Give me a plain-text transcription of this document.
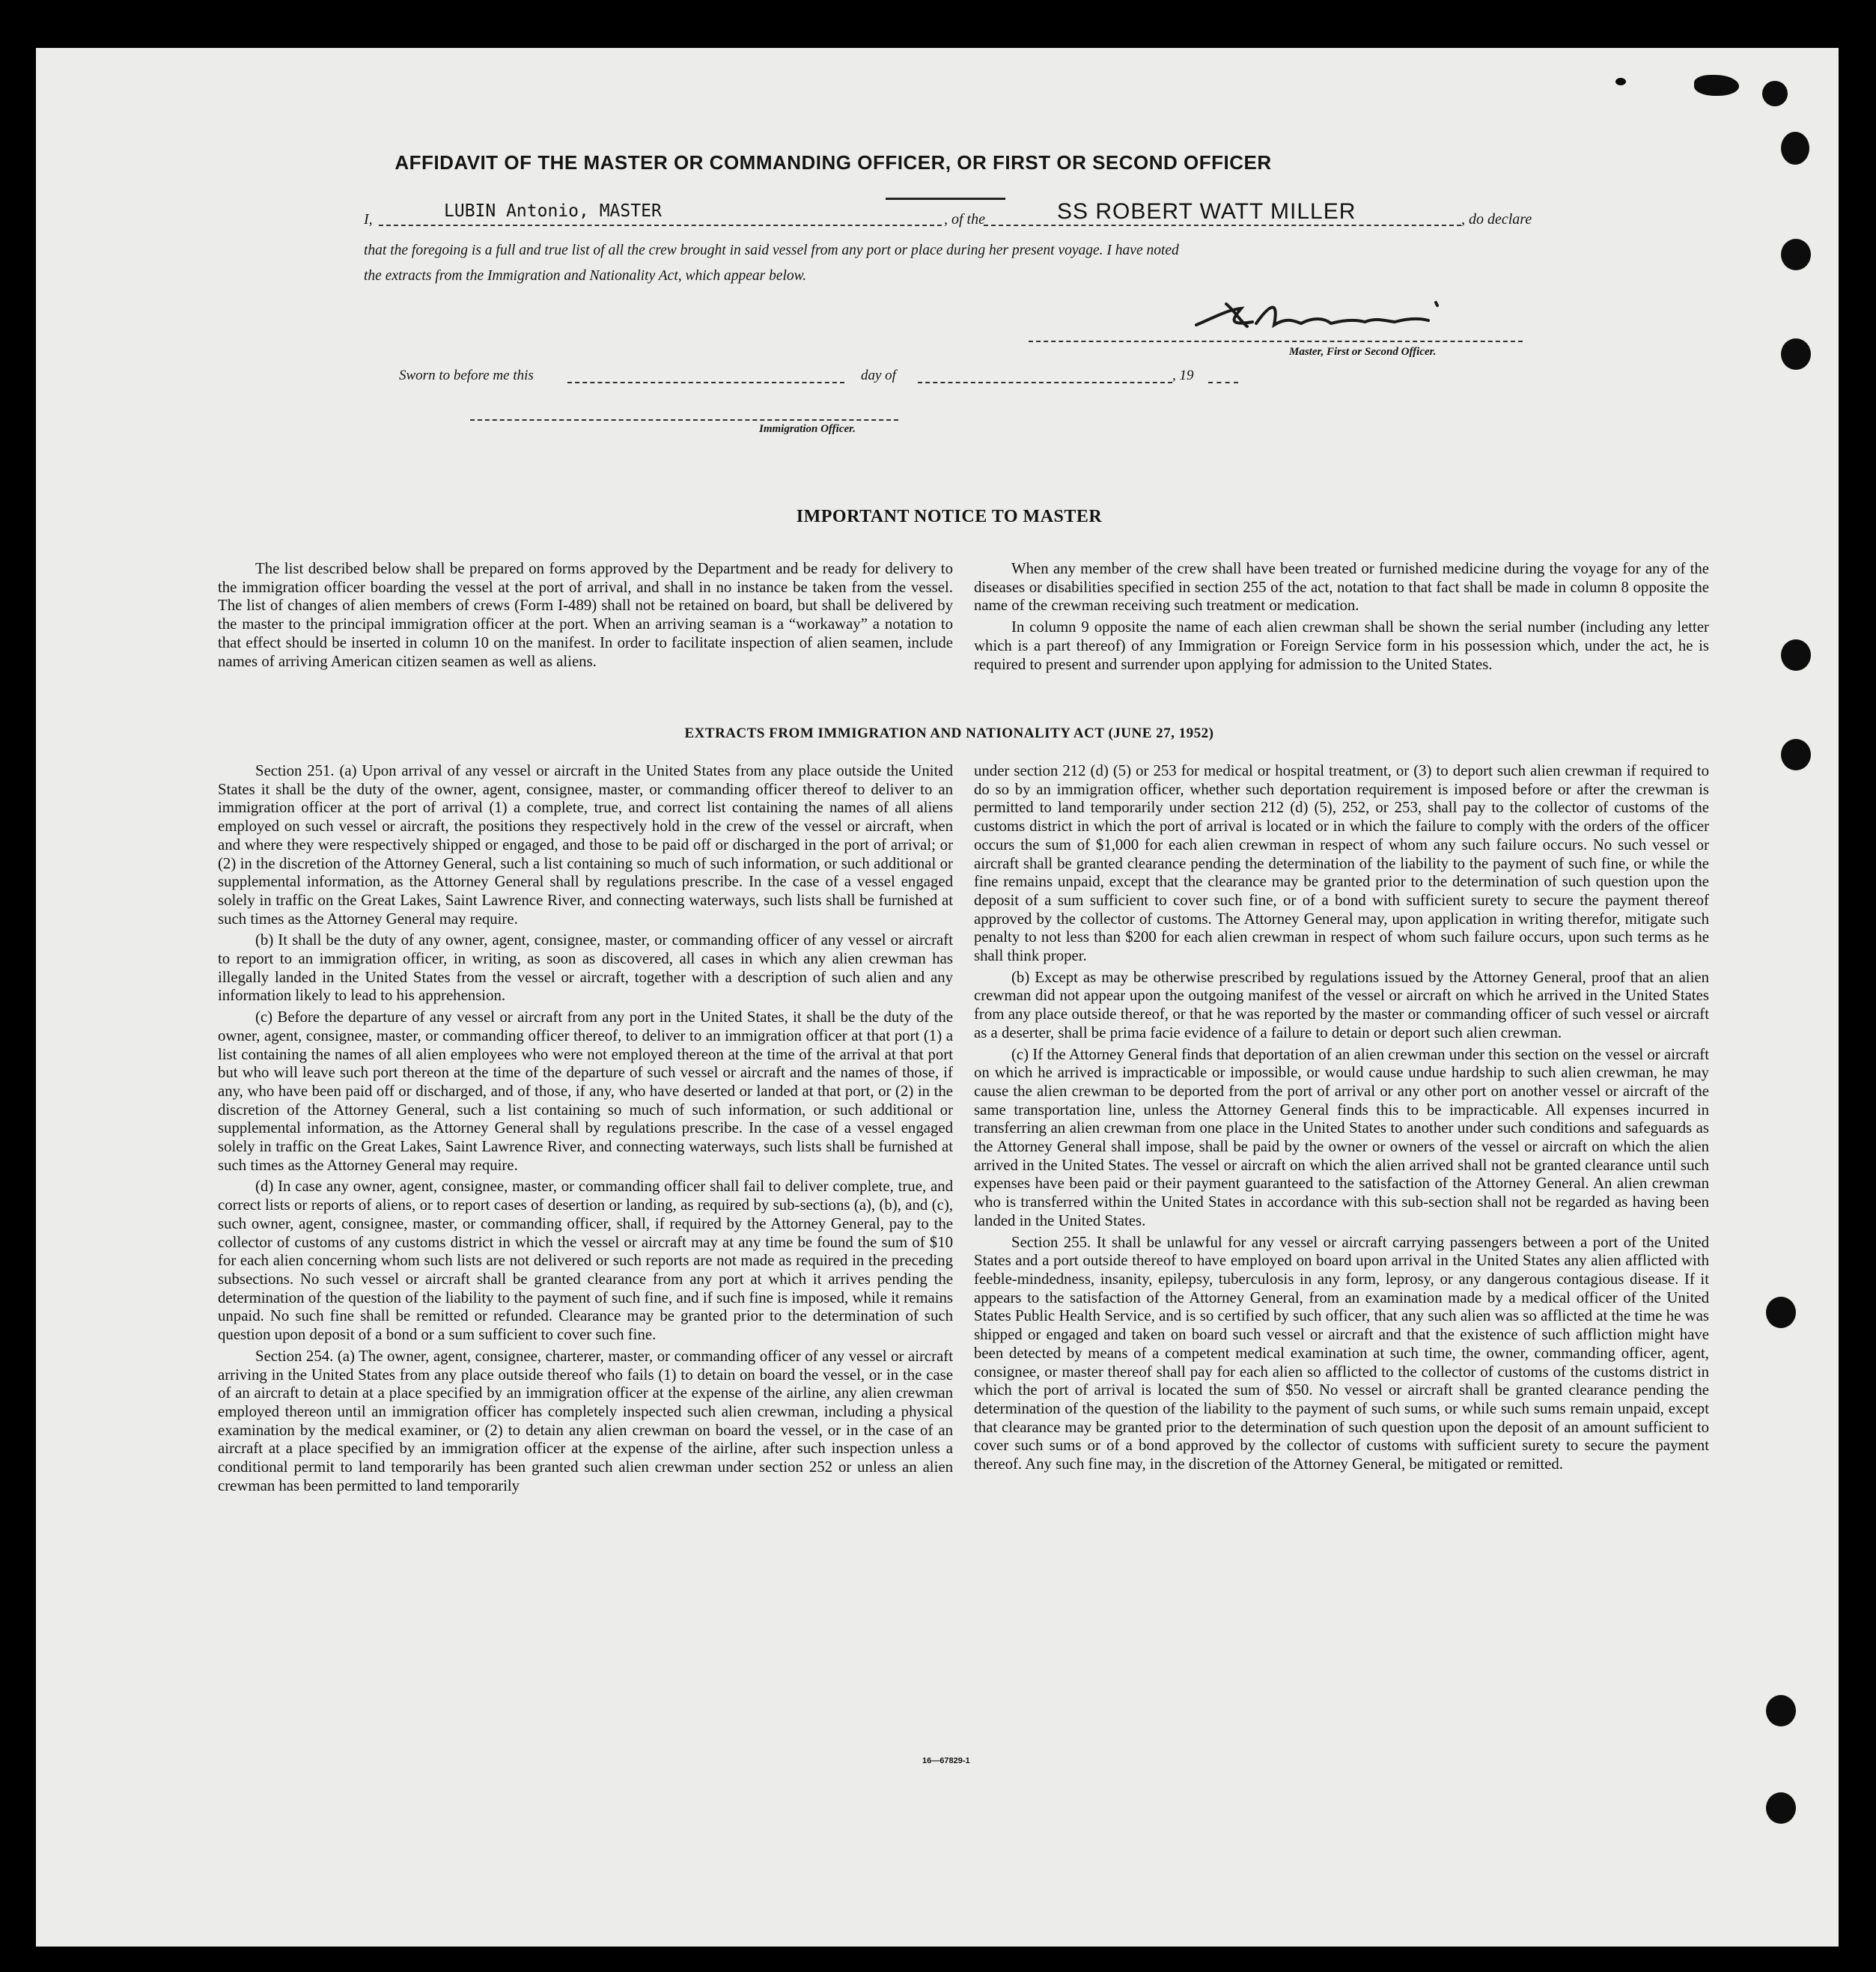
AFFIDAVIT OF THE MASTER OR COMMANDING OFFICER, OR FIRST OR SECOND OFFICER
I,	LUBIN Antonio, MASTER	, of the	SS ROBERT WATT MILLER	, do declare
that the foregoing is a full and true list of all the crew brought in said vessel from any port or place during her present voyage. I have noted
the extracts from the Immigration and Nationality Act, which appear below.
Master, First or Second Officer.
Sworn to before me this	day of	, 19
Immigration Officer.
IMPORTANT NOTICE TO MASTER

The list described below shall be prepared on forms approved by the Department and be ready for delivery to the immigration officer boarding the vessel at the port of arrival, and shall in no instance be taken from the vessel. The list of changes of alien members of crews (Form I-489) shall not be retained on board, but shall be delivered by the master to the principal immigration officer at the port. When an arriving seaman is a “workaway” a notation to that effect should be inserted in column 10 on the manifest. In order to facilitate inspection of alien seamen, include names of arriving American citizen seamen as well as aliens.

When any member of the crew shall have been treated or furnished medicine during the voyage for any of the diseases or disabilities specified in section 255 of the act, notation to that fact shall be made in column 8 opposite the name of the crewman receiving such treatment or medication.

In column 9 opposite the name of each alien crewman shall be shown the serial number (including any letter which is a part thereof) of any Immigration or Foreign Service form in his possession which, under the act, he is required to present and surrender upon applying for admission to the United States.

EXTRACTS FROM IMMIGRATION AND NATIONALITY ACT (JUNE 27, 1952)

Section 251. (a) Upon arrival of any vessel or aircraft in the United States from any place outside the United States it shall be the duty of the owner, agent, consignee, master, or commanding officer thereof to deliver to an immigration officer at the port of arrival (1) a complete, true, and correct list containing the names of all aliens employed on such vessel or aircraft, the positions they respectively hold in the crew of the vessel or aircraft, when and where they were respectively shipped or engaged, and those to be paid off or discharged in the port of arrival; or (2) in the discretion of the Attorney General, such a list containing so much of such information, or such additional or supplemental information, as the Attorney General shall by regulations prescribe. In the case of a vessel engaged solely in traffic on the Great Lakes, Saint Lawrence River, and connecting waterways, such lists shall be furnished at such times as the Attorney General may require.

(b) It shall be the duty of any owner, agent, consignee, master, or commanding officer of any vessel or aircraft to report to an immigration officer, in writing, as soon as discovered, all cases in which any alien crewman has illegally landed in the United States from the vessel or aircraft, together with a description of such alien and any information likely to lead to his apprehension.

(c) Before the departure of any vessel or aircraft from any port in the United States, it shall be the duty of the owner, agent, consignee, master, or commanding officer thereof, to deliver to an immigration officer at that port (1) a list containing the names of all alien employees who were not employed thereon at the time of the arrival at that port but who will leave such port thereon at the time of the departure of such vessel or aircraft and the names of those, if any, who have been paid off or discharged, and of those, if any, who have deserted or landed at that port, or (2) in the discretion of the Attorney General, such a list containing so much of such information, or such additional or supplemental information, as the Attorney General shall by regulations prescribe. In the case of a vessel engaged solely in traffic on the Great Lakes, Saint Lawrence River, and connecting waterways, such lists shall be furnished at such times as the Attorney General may require.

(d) In case any owner, agent, consignee, master, or commanding officer shall fail to deliver complete, true, and correct lists or reports of aliens, or to report cases of desertion or landing, as required by sub-sections (a), (b), and (c), such owner, agent, consignee, master, or commanding officer, shall, if required by the Attorney General, pay to the collector of customs of any customs district in which the vessel or aircraft may at any time be found the sum of $10 for each alien concerning whom such lists are not delivered or such reports are not made as required in the preceding subsections. No such vessel or aircraft shall be granted clearance from any port at which it arrives pending the determination of the question of the liability to the payment of such fine, and if such fine is imposed, while it remains unpaid. No such fine shall be remitted or refunded. Clearance may be granted prior to the determination of such question upon deposit of a bond or a sum sufficient to cover such fine.

Section 254. (a) The owner, agent, consignee, charterer, master, or commanding officer of any vessel or aircraft arriving in the United States from any place outside thereof who fails (1) to detain on board the vessel, or in the case of an aircraft to detain at a place specified by an immigration officer at the expense of the airline, any alien crewman employed thereon until an immigration officer has completely inspected such alien crewman, including a physical examination by the medical examiner, or (2) to detain any alien crewman on board the vessel, or in the case of an aircraft at a place specified by an immigration officer at the expense of the airline, after such inspection unless a conditional permit to land temporarily has been granted such alien crewman under section 252 or unless an alien crewman has been permitted to land temporarily

under section 212 (d) (5) or 253 for medical or hospital treatment, or (3) to deport such alien crewman if required to do so by an immigration officer, whether such deportation requirement is imposed before or after the crewman is permitted to land temporarily under section 212 (d) (5), 252, or 253, shall pay to the collector of customs of the customs district in which the port of arrival is located or in which the failure to comply with the orders of the officer occurs the sum of $1,000 for each alien crewman in respect of whom any such failure occurs. No such vessel or aircraft shall be granted clearance pending the determination of the liability to the payment of such fine, or while the fine remains unpaid, except that the clearance may be granted prior to the determination of such question upon the deposit of a sum sufficient to cover such fine, or of a bond with sufficient surety to secure the payment thereof approved by the collector of customs. The Attorney General may, upon application in writing therefor, mitigate such penalty to not less than $200 for each alien crewman in respect of whom such failure occurs, upon such terms as he shall think proper.

(b) Except as may be otherwise prescribed by regulations issued by the Attorney General, proof that an alien crewman did not appear upon the outgoing manifest of the vessel or aircraft on which he arrived in the United States from any place outside thereof, or that he was reported by the master or commanding officer of such vessel or aircraft as a deserter, shall be prima facie evidence of a failure to detain or deport such alien crewman.

(c) If the Attorney General finds that deportation of an alien crewman under this section on the vessel or aircraft on which he arrived is impracticable or impossible, or would cause undue hardship to such alien crewman, he may cause the alien crewman to be deported from the port of arrival or any other port on another vessel or aircraft of the same transportation line, unless the Attorney General finds this to be impracticable. All expenses incurred in transferring an alien crewman from one place in the United States to another under such conditions and safeguards as the Attorney General shall impose, shall be paid by the owner or owners of the vessel or aircraft on which the alien arrived in the United States. The vessel or aircraft on which the alien arrived shall not be granted clearance until such expenses have been paid or their payment guaranteed to the satisfaction of the Attorney General. An alien crewman who is transferred within the United States in accordance with this sub-section shall not be regarded as having been landed in the United States.

Section 255. It shall be unlawful for any vessel or aircraft carrying passengers between a port of the United States and a port outside thereof to have employed on board upon arrival in the United States any alien afflicted with feeble-mindedness, insanity, epilepsy, tuberculosis in any form, leprosy, or any dangerous contagious disease. If it appears to the satisfaction of the Attorney General, from an examination made by a medical officer of the United States Public Health Service, and is so certified by such officer, that any such alien was so afflicted at the time he was shipped or engaged and taken on board such vessel or aircraft and that the existence of such affliction might have been detected by means of a competent medical examination at such time, the owner, commanding officer, agent, consignee, or master thereof shall pay for each alien so afflicted to the collector of customs of the customs district in which the port of arrival is located the sum of $50. No vessel or aircraft shall be granted clearance pending the determination of the question of the liability to the payment of such sums, or while such sums remain unpaid, except that clearance may be granted prior to the determination of such question upon the deposit of an amount sufficient to cover such sums or of a bond approved by the collector of customs with sufficient surety to secure the payment thereof. Any such fine may, in the discretion of the Attorney General, be mitigated or remitted.

16—67829-1
